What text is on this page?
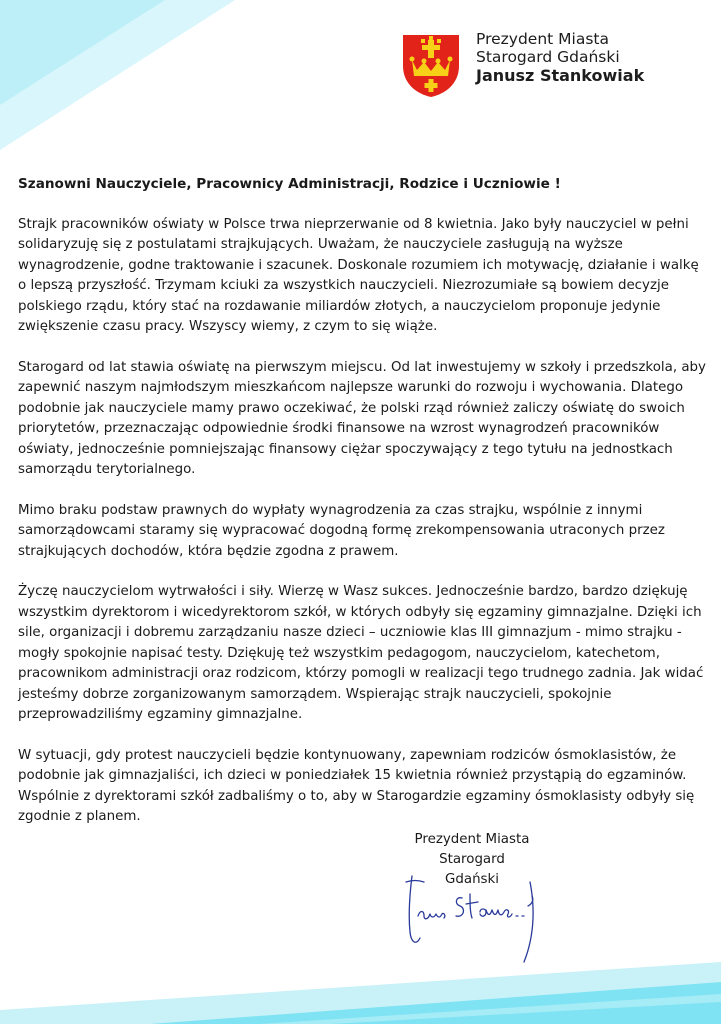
Prezydent Miasta
Starogard Gdański
Janusz Stankowiak

Szanowni Nauczyciele, Pracownicy Administracji, Rodzice i Uczniowie !

Strajk pracowników oświaty w Polsce trwa nieprzerwanie od 8 kwietnia. Jako były nauczyciel w pełni solidaryzuję się z postulatami strajkujących. Uważam, że nauczyciele zasługują na wyższe wynagrodzenie, godne traktowanie i szacunek. Doskonale rozumiem ich motywację, działanie i walkę o lepszą przyszłość. Trzymam kciuki za wszystkich nauczycieli. Niezrozumiałe są bowiem decyzje polskiego rządu, który stać na rozdawanie miliardów złotych, a nauczycielom proponuje jedynie zwiększenie czasu pracy. Wszyscy wiemy, z czym to się wiąże.

Starogard od lat stawia oświatę na pierwszym miejscu. Od lat inwestujemy w szkoły i przedszkola, aby zapewnić naszym najmłodszym mieszkańcom najlepsze warunki do rozwoju i wychowania. Dlatego podobnie jak nauczyciele mamy prawo oczekiwać, że polski rząd również zaliczy oświatę do swoich priorytetów, przeznaczając odpowiednie środki finansowe na wzrost wynagrodzeń pracowników oświaty, jednocześnie pomniejszając finansowy ciężar spoczywający z tego tytułu na jednostkach samorządu terytorialnego.

Mimo braku podstaw prawnych do wypłaty wynagrodzenia za czas strajku, wspólnie z innymi samorządowcami staramy się wypracować dogodną formę zrekompensowania utraconych przez strajkujących dochodów, która będzie zgodna z prawem.

Życzę nauczycielom wytrwałości i siły. Wierzę w Wasz sukces. Jednocześnie bardzo, bardzo dziękuję wszystkim dyrektorom i wicedyrektorom szkół, w których odbyły się egzaminy gimnazjalne. Dzięki ich sile, organizacji i dobremu zarządzaniu nasze dzieci – uczniowie klas III gimnazjum - mimo strajku - mogły spokojnie napisać testy. Dziękuję też wszystkim pedagogom, nauczycielom, katechetom, pracownikom administracji oraz rodzicom, którzy pomogli w realizacji tego trudnego zadnia. Jak widać jesteśmy dobrze zorganizowanym samorządem. Wspierając strajk nauczycieli, spokojnie przeprowadziliśmy egzaminy gimnazjalne.

W sytuacji, gdy protest nauczycieli będzie kontynuowany, zapewniam rodziców ósmoklasistów, że podobnie jak gimnazjaliści, ich dzieci w poniedziałek 15 kwietnia również przystąpią do egzaminów. Wspólnie z dyrektorami szkół zadbaliśmy o to, aby w Starogardzie egzaminy ósmoklasisty odbyły się zgodnie z planem.

Prezydent Miasta
Starogard Gdański
Janusz Stanko...
